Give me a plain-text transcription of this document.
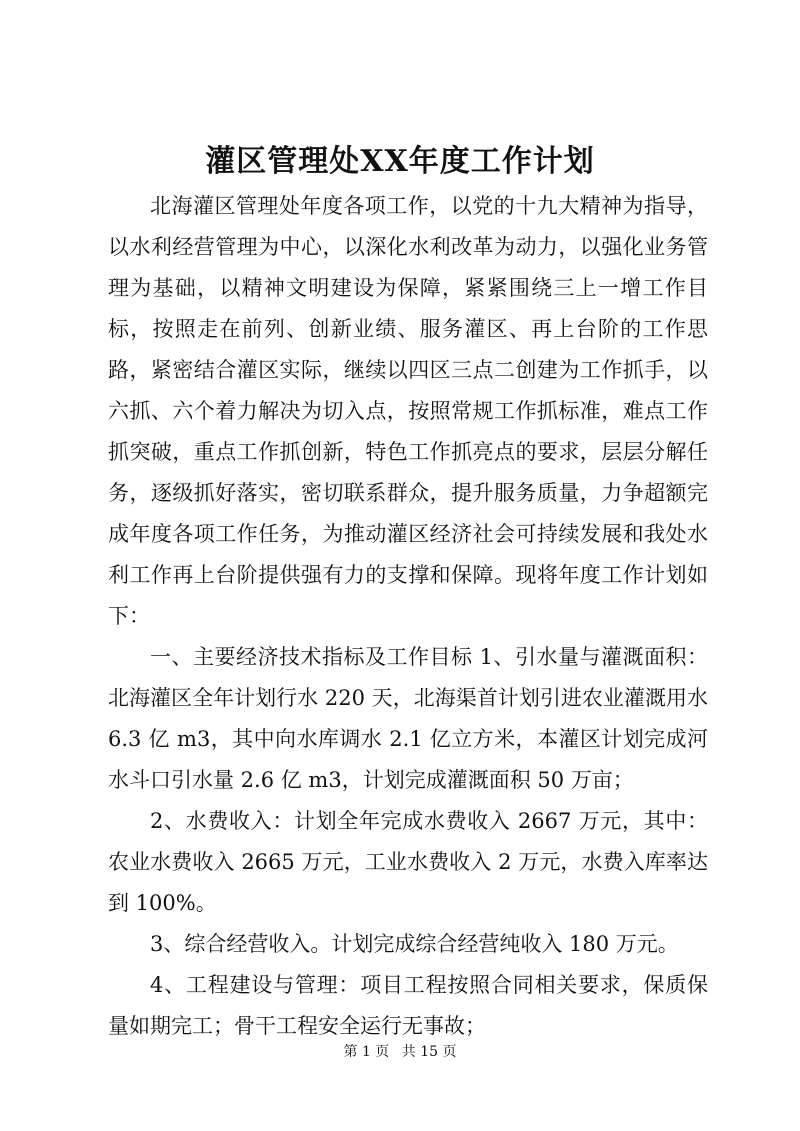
灌区管理处XX年度工作计划

北海灌区管理处年度各项工作，以党的十九大精神为指导，以水利经营管理为中心，以深化水利改革为动力，以强化业务管理为基础，以精神文明建设为保障，紧紧围绕三上一增工作目标，按照走在前列、创新业绩、服务灌区、再上台阶的工作思路，紧密结合灌区实际，继续以四区三点二创建为工作抓手，以六抓、六个着力解决为切入点，按照常规工作抓标准，难点工作抓突破，重点工作抓创新，特色工作抓亮点的要求，层层分解任务，逐级抓好落实，密切联系群众，提升服务质量，力争超额完成年度各项工作任务，为推动灌区经济社会可持续发展和我处水利工作再上台阶提供强有力的支撑和保障。现将年度工作计划如下：

一、主要经济技术指标及工作目标 1、引水量与灌溉面积：北海灌区全年计划行水 220 天，北海渠首计划引进农业灌溉用水 6.3 亿 m3，其中向水库调水 2.1 亿立方米，本灌区计划完成河水斗口引水量 2.6 亿 m3，计划完成灌溉面积 50 万亩；

2、水费收入：计划全年完成水费收入 2667 万元，其中：农业水费收入 2665 万元，工业水费收入 2 万元，水费入库率达到 100%。

3、综合经营收入。计划完成综合经营纯收入 180 万元。

4、工程建设与管理：项目工程按照合同相关要求，保质保量如期完工；骨干工程安全运行无事故；

第 1 页 共 15 页
